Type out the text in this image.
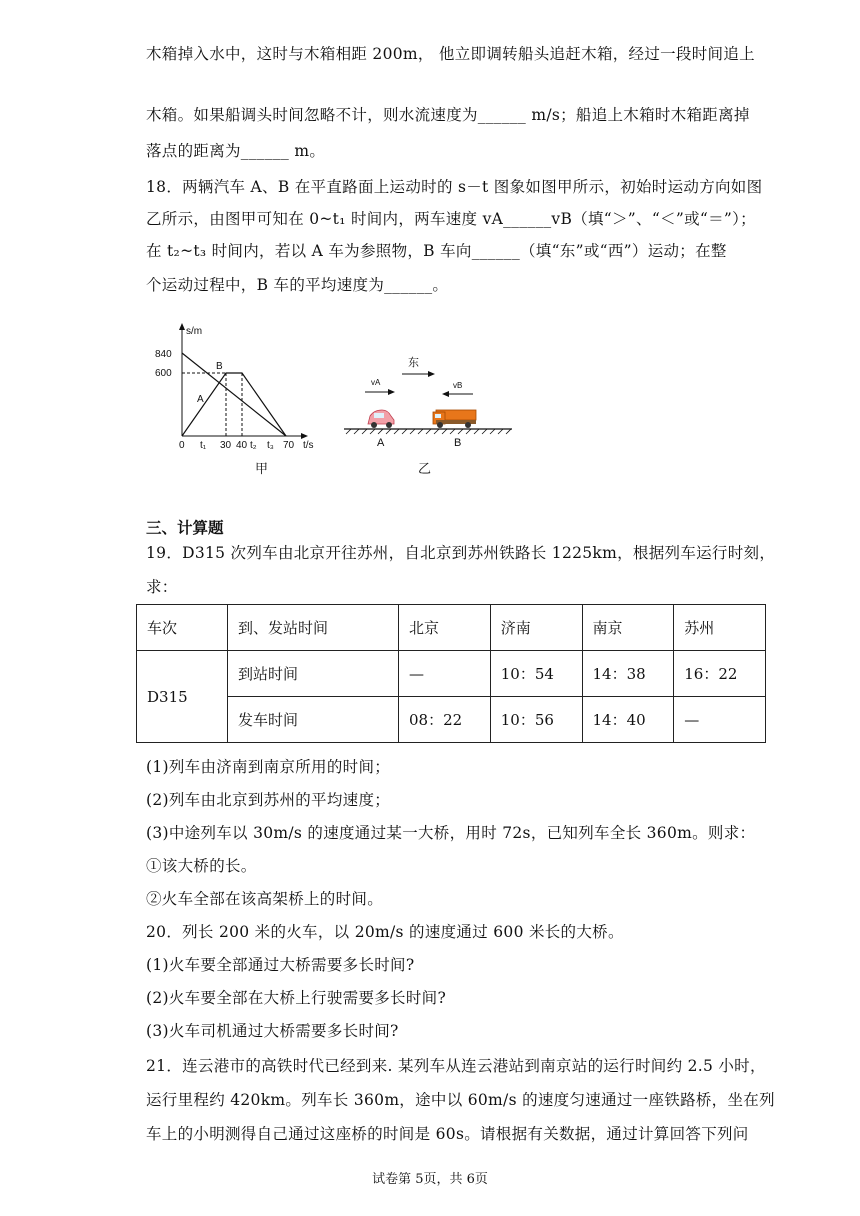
木箱掉入水中，这时与木箱相距 200m， 他立即调转船头追赶木箱，经过一段时间追上
木箱。如果船调头时间忽略不计，则水流速度为______ m/s；船追上木箱时木箱距离掉
落点的距离为______ m。
18．两辆汽车 A、B 在平直路面上运动时的 s－t 图象如图甲所示，初始时运动方向如图
乙所示，由图甲可知在 0~t₁ 时间内，两车速度 vA______vB（填“＞”、“＜”或“＝”）；
在 t₂~t₃ 时间内，若以 A 车为参照物，B 车向______（填“东”或“西”）运动；在整
个运动过程中，B 车的平均速度为______。
s/m
840
600
B
A
0 t₁ 30 40 t₂ t₃ 70 t/s
甲
东
vA	vB
A	B
乙
三、计算题
19．D315 次列车由北京开往苏州，自北京到苏州铁路长 1225km，根据列车运行时刻，
求：
车次	到、发站时间	北京	济南	南京	苏州
D315	到站时间	—	10：54	14：38	16：22
	发车时间	08：22	10：56	14：40	—
(1)列车由济南到南京所用的时间；
(2)列车由北京到苏州的平均速度；
(3)中途列车以 30m/s 的速度通过某一大桥，用时 72s，已知列车全长 360m。则求：
①该大桥的长。
②火车全部在该高架桥上的时间。
20．列长 200 米的火车，以 20m/s 的速度通过 600 米长的大桥。
(1)火车要全部通过大桥需要多长时间?
(2)火车要全部在大桥上行驶需要多长时间?
(3)火车司机通过大桥需要多长时间?
21．连云港市的高铁时代已经到来. 某列车从连云港站到南京站的运行时间约 2.5 小时，
运行里程约 420km。列车长 360m，途中以 60m/s 的速度匀速通过一座铁路桥，坐在列
车上的小明测得自己通过这座桥的时间是 60s。请根据有关数据，通过计算回答下列问
试卷第 5页，共 6页
